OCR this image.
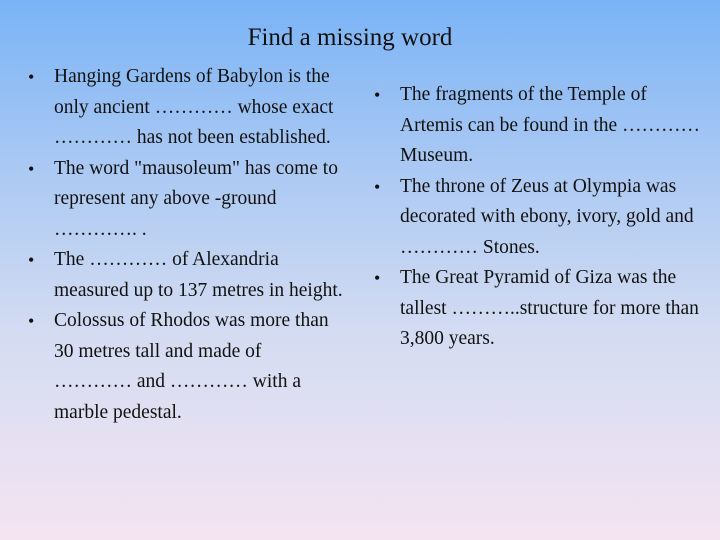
Find a missing word
• Hanging Gardens of Babylon is the only ancient ………… whose exact ………… has not been established.
• The word "mausoleum" has come to represent any above -ground …………. .
• The ………… of Alexandria measured up to 137 metres in height.
• Colossus of Rhodos was more than 30 metres tall and made of ………… and ………… with a marble pedestal.
• The fragments of the Temple of Artemis can be found in the ………… Museum.
• The throne of Zeus at Olympia was decorated with ebony, ivory, gold and ………… Stones.
• The Great Pyramid of Giza was the tallest ………..structure for more than 3,800 years.
